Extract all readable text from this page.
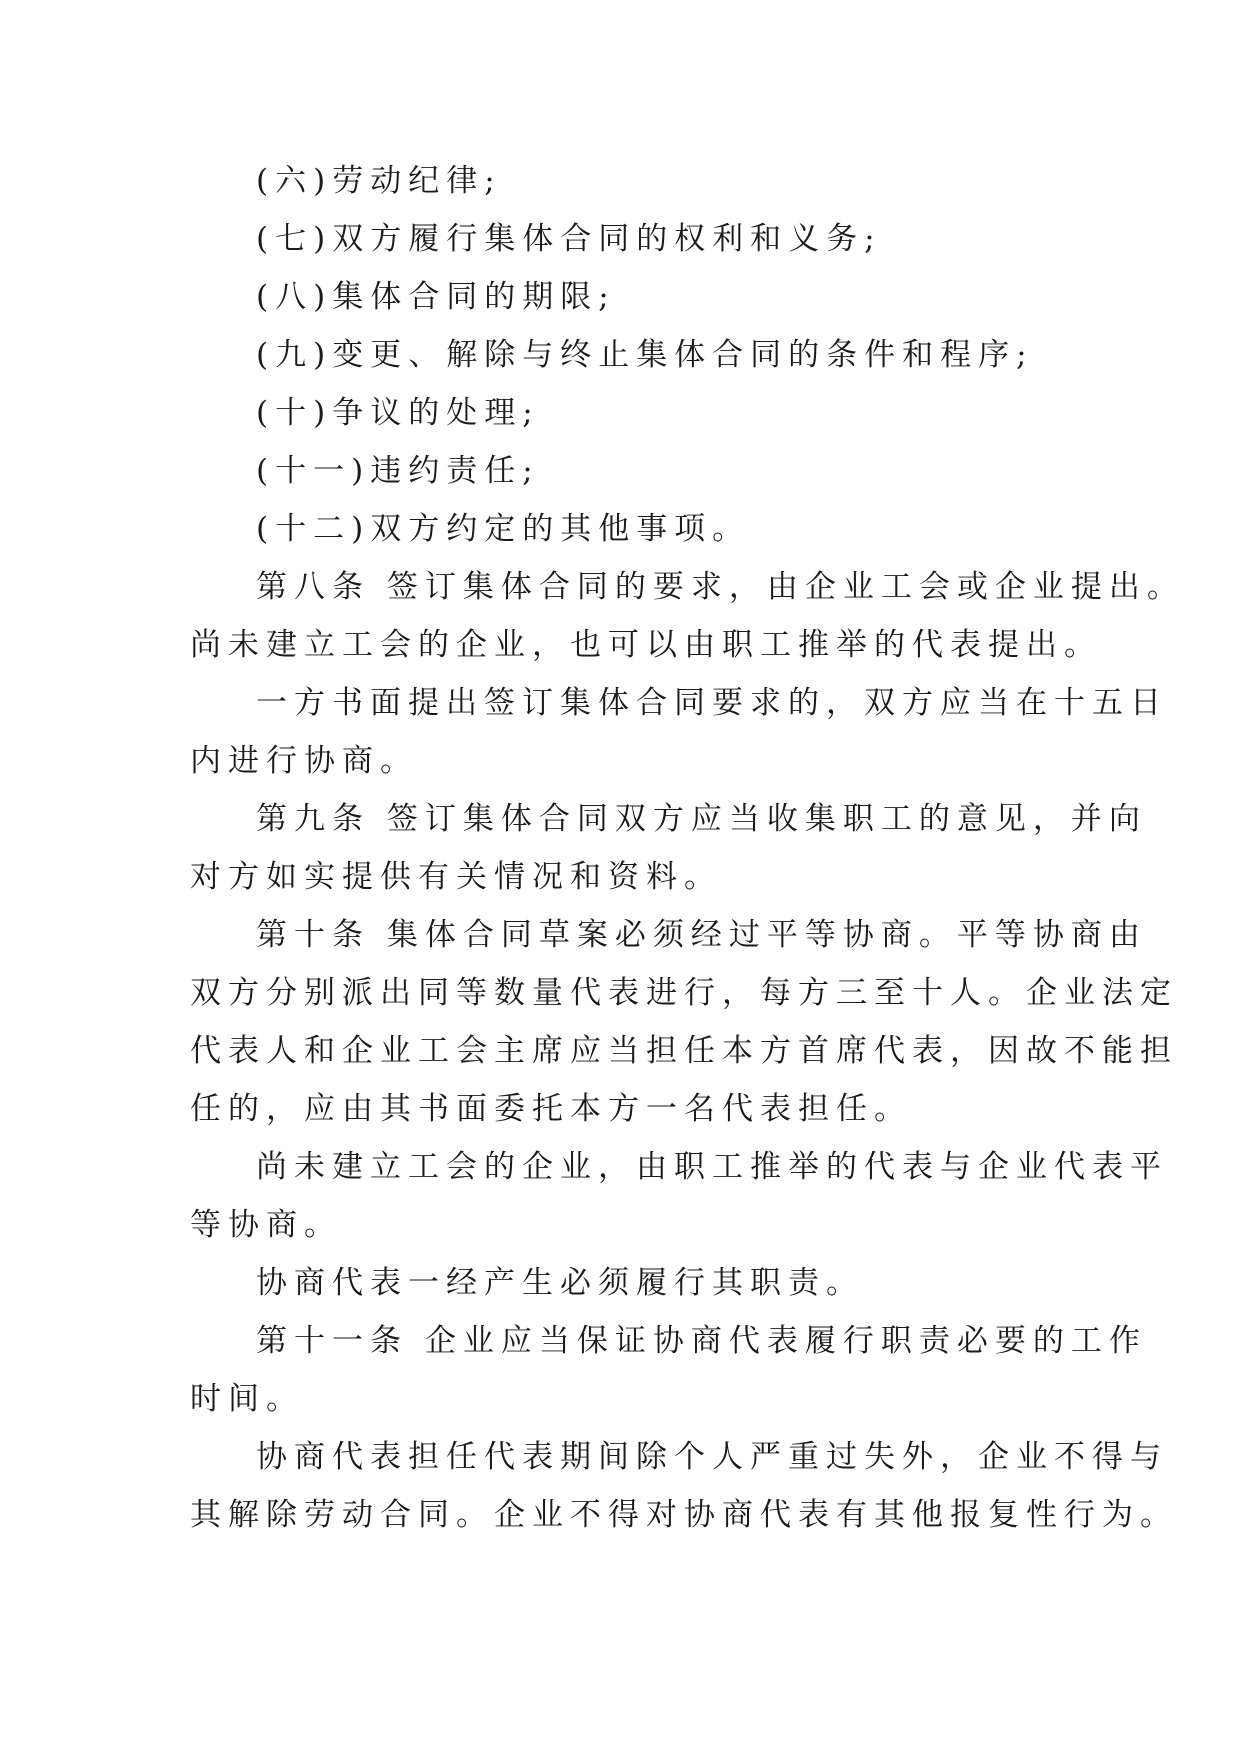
(六)劳动纪律;
(七)双方履行集体合同的权利和义务;
(八)集体合同的期限;
(九)变更、解除与终止集体合同的条件和程序;
(十)争议的处理;
(十一)违约责任;
(十二)双方约定的其他事项。
第八条 签订集体合同的要求，由企业工会或企业提出。
尚未建立工会的企业，也可以由职工推举的代表提出。
一方书面提出签订集体合同要求的，双方应当在十五日
内进行协商。
第九条 签订集体合同双方应当收集职工的意见，并向
对方如实提供有关情况和资料。
第十条 集体合同草案必须经过平等协商。平等协商由
双方分别派出同等数量代表进行，每方三至十人。企业法定
代表人和企业工会主席应当担任本方首席代表，因故不能担
任的，应由其书面委托本方一名代表担任。
尚未建立工会的企业，由职工推举的代表与企业代表平
等协商。
协商代表一经产生必须履行其职责。
第十一条 企业应当保证协商代表履行职责必要的工作
时间。
协商代表担任代表期间除个人严重过失外，企业不得与
其解除劳动合同。企业不得对协商代表有其他报复性行为。
